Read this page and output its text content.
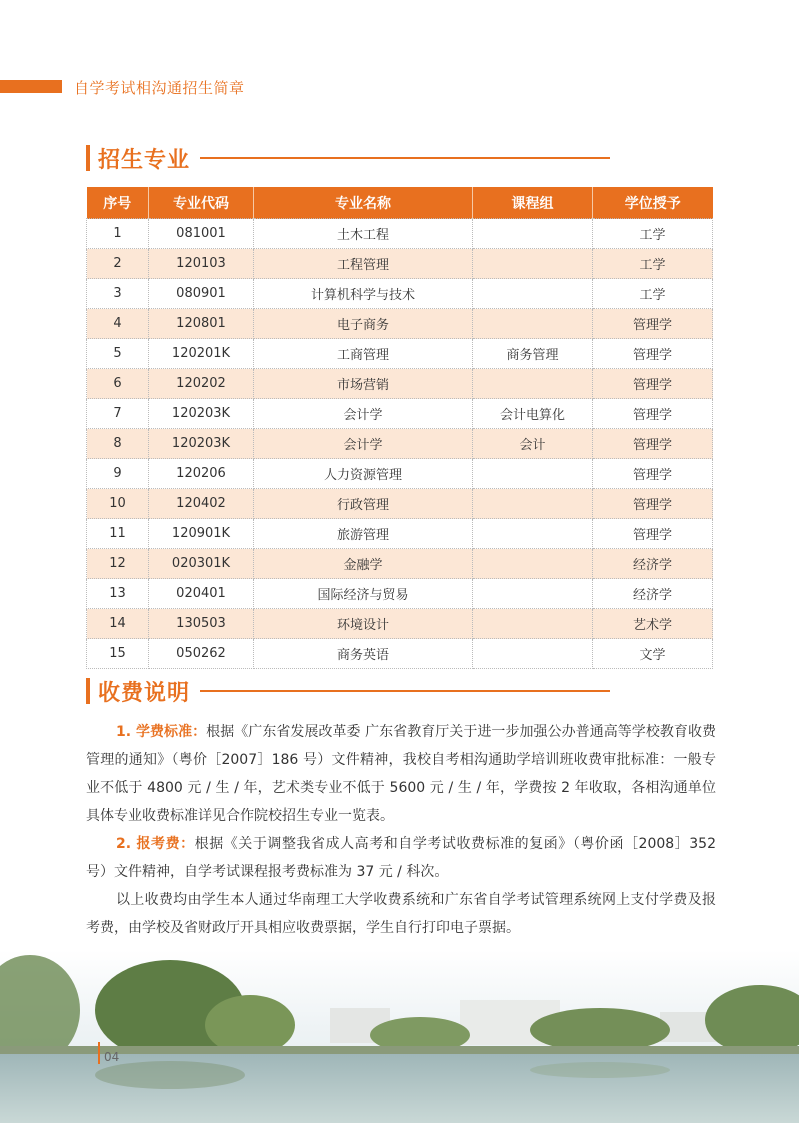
自学考试相沟通招生简章
招生专业
序号	专业代码	专业名称	课程组	学位授予
1	081001	土木工程		工学
2	120103	工程管理		工学
3	080901	计算机科学与技术		工学
4	120801	电子商务		管理学
5	120201K	工商管理	商务管理	管理学
6	120202	市场营销		管理学
7	120203K	会计学	会计电算化	管理学
8	120203K	会计学	会计	管理学
9	120206	人力资源管理		管理学
10	120402	行政管理		管理学
11	120901K	旅游管理		管理学
12	020301K	金融学		经济学
13	020401	国际经济与贸易		经济学
14	130503	环境设计		艺术学
15	050262	商务英语		文学
收费说明

1. 学费标准：根据《广东省发展改革委 广东省教育厅关于进一步加强公办普通高等学校教育收费管理的通知》（粤价［2007］186 号）文件精神，我校自考相沟通助学培训班收费审批标准：一般专业不低于 4800 元 / 生 / 年，艺术类专业不低于 5600 元 / 生 / 年，学费按 2 年收取，各相沟通单位具体专业收费标准详见合作院校招生专业一览表。

2. 报考费：根据《关于调整我省成人高考和自学考试收费标准的复函》（粤价函［2008］352 号）文件精神，自学考试课程报考费标准为 37 元 / 科次。

以上收费均由学生本人通过华南理工大学收费系统和广东省自学考试管理系统网上支付学费及报考费，由学校及省财政厅开具相应收费票据，学生自行打印电子票据。

04
